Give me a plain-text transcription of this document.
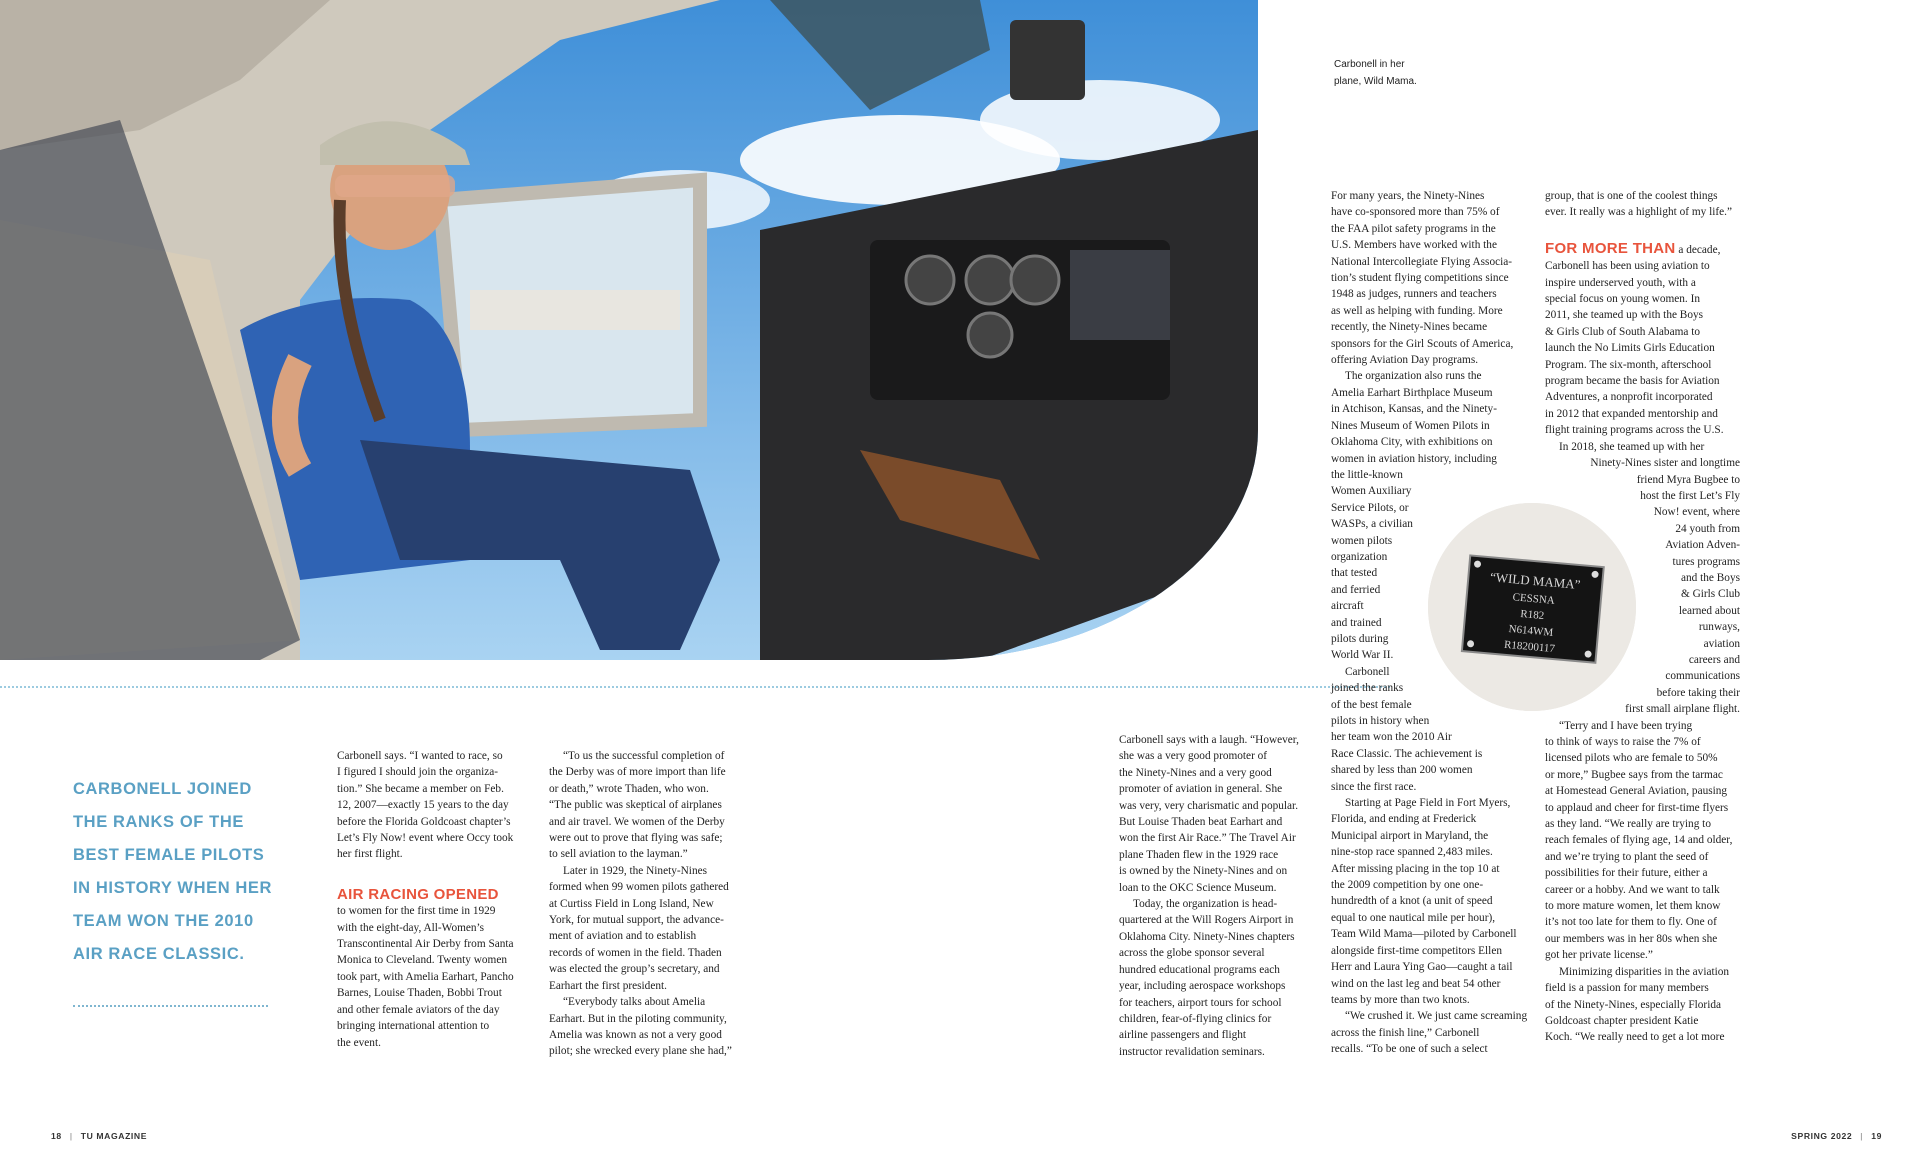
Carbonell in her
plane, Wild Mama.
CARBONELL JOINED
THE RANKS OF THE
BEST FEMALE PILOTS
IN HISTORY WHEN HER
TEAM WON THE 2010
AIR RACE CLASSIC.
Carbonell says. “I wanted to race, so
I figured I should join the organiza-
tion.” She became a member on Feb.
12, 2007—exactly 15 years to the day
before the Florida Goldcoast chapter’s
Let’s Fly Now! event where Occy took
her first flight.
AIR RACING OPENED
to women for the first time in 1929
with the eight-day, All-Women’s
Transcontinental Air Derby from Santa
Monica to Cleveland. Twenty women
took part, with Amelia Earhart, Pancho
Barnes, Louise Thaden, Bobbi Trout
and other female aviators of the day
bringing international attention to
the event.
“To us the successful completion of
the Derby was of more import than life
or death,” wrote Thaden, who won.
“The public was skeptical of airplanes
and air travel. We women of the Derby
were out to prove that flying was safe;
to sell aviation to the layman.”
Later in 1929, the Ninety-Nines
formed when 99 women pilots gathered
at Curtiss Field in Long Island, New
York, for mutual support, the advance-
ment of aviation and to establish
records of women in the field. Thaden
was elected the group’s secretary, and
Earhart the first president.
“Everybody talks about Amelia
Earhart. But in the piloting community,
Amelia was known as not a very good
pilot; she wrecked every plane she had,”
Carbonell says with a laugh. “However,
she was a very good promoter of
the Ninety-Nines and a very good
promoter of aviation in general. She
was very, very charismatic and popular.
But Louise Thaden beat Earhart and
won the first Air Race.” The Travel Air
plane Thaden flew in the 1929 race
is owned by the Ninety-Nines and on
loan to the OKC Science Museum.
Today, the organization is head-
quartered at the Will Rogers Airport in
Oklahoma City. Ninety-Nines chapters
across the globe sponsor several
hundred educational programs each
year, including aerospace workshops
for teachers, airport tours for school
children, fear-of-flying clinics for
airline passengers and flight
instructor revalidation seminars.
For many years, the Ninety-Nines
have co-sponsored more than 75% of
the FAA pilot safety programs in the
U.S. Members have worked with the
National Intercollegiate Flying Associa-
tion’s student flying competitions since
1948 as judges, runners and teachers
as well as helping with funding. More
recently, the Ninety-Nines became
sponsors for the Girl Scouts of America,
offering Aviation Day programs.
The organization also runs the
Amelia Earhart Birthplace Museum
in Atchison, Kansas, and the Ninety-
Nines Museum of Women Pilots in
Oklahoma City, with exhibitions on
women in aviation history, including
the little-known
Women Auxiliary
Service Pilots, or
WASPs, a civilian
women pilots
organization
that tested
and ferried
aircraft
and trained
pilots during
World War II.
Carbonell
joined the ranks
of the best female
pilots in history when
her team won the 2010 Air
Race Classic. The achievement is
shared by less than 200 women
since the first race.
Starting at Page Field in Fort Myers,
Florida, and ending at Frederick
Municipal airport in Maryland, the
nine-stop race spanned 2,483 miles.
After missing placing in the top 10 at
the 2009 competition by one one-
hundredth of a knot (a unit of speed
equal to one nautical mile per hour),
Team Wild Mama—piloted by Carbonell
alongside first-time competitors Ellen
Herr and Laura Ying Gao—caught a tail
wind on the last leg and beat 54 other
teams by more than two knots.
“We crushed it. We just came screaming
across the finish line,” Carbonell
recalls. “To be one of such a select
group, that is one of the coolest things
ever. It really was a highlight of my life.”
FOR MORE THAN a decade,
Carbonell has been using aviation to
inspire underserved youth, with a
special focus on young women. In
2011, she teamed up with the Boys
& Girls Club of South Alabama to
launch the No Limits Girls Education
Program. The six-month, afterschool
program became the basis for Aviation
Adventures, a nonprofit incorporated
in 2012 that expanded mentorship and
flight training programs across the U.S.
In 2018, she teamed up with her
Ninety-Nines sister and longtime
friend Myra Bugbee to
host the first Let’s Fly
Now! event, where
24 youth from
Aviation Adven-
tures programs
and the Boys
& Girls Club
learned about
runways,
aviation
careers and
communications
before taking their
first small airplane flight.
“Terry and I have been trying
to think of ways to raise the 7% of
licensed pilots who are female to 50%
or more,” Bugbee says from the tarmac
at Homestead General Aviation, pausing
to applaud and cheer for first-time flyers
as they land. “We really are trying to
reach females of flying age, 14 and older,
and we’re trying to plant the seed of
possibilities for their future, either a
career or a hobby. And we want to talk
to more mature women, let them know
it’s not too late for them to fly. One of
our members was in her 80s when she
got her private license.”
Minimizing disparities in the aviation
field is a passion for many members
of the Ninety-Nines, especially Florida
Goldcoast chapter president Katie
Koch. “We really need to get a lot more
“WILD MAMA”
CESSNA
R182
N614WM
R18200117
18 | TU MAGAZINE	SPRING 2022 | 19
